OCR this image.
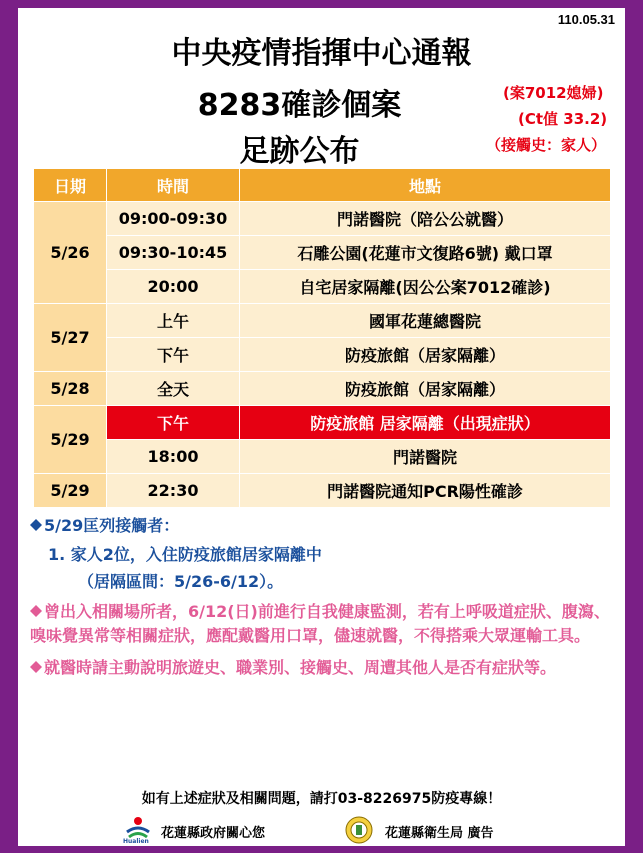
110.05.31
中央疫情指揮中心通報
8283確診個案
足跡公布
(案7012媳婦)
(Ct值 33.2)
（接觸史：家人）
日期	時間	地點
5/26	09:00-09:30	門諾醫院（陪公公就醫）
	09:30-10:45	石雕公園(花蓮市文復路6號) 戴口罩
	20:00	自宅居家隔離(因公公案7012確診)
5/27	上午	國軍花蓮總醫院
	下午	防疫旅館（居家隔離）
5/28	全天	防疫旅館（居家隔離）
5/29	下午	防疫旅館 居家隔離（出現症狀）
	18:00	門諾醫院
5/29	22:30	門諾醫院通知PCR陽性確診
5/29匡列接觸者：
1. 家人2位，入住防疫旅館居家隔離中
（居隔區間：5/26-6/12）。
曾出入相關場所者，6/12(日)前進行自我健康監測，若有上呼吸道症狀、腹瀉、嗅味覺異常等相關症狀，應配戴醫用口罩，儘速就醫，不得搭乘大眾運輸工具。
就醫時請主動說明旅遊史、職業別、接觸史、周遭其他人是否有症狀等。
如有上述症狀及相關問題，請打03-8226975防疫專線！
Hualien
花蓮縣政府關心您	花蓮縣衛生局 廣告
